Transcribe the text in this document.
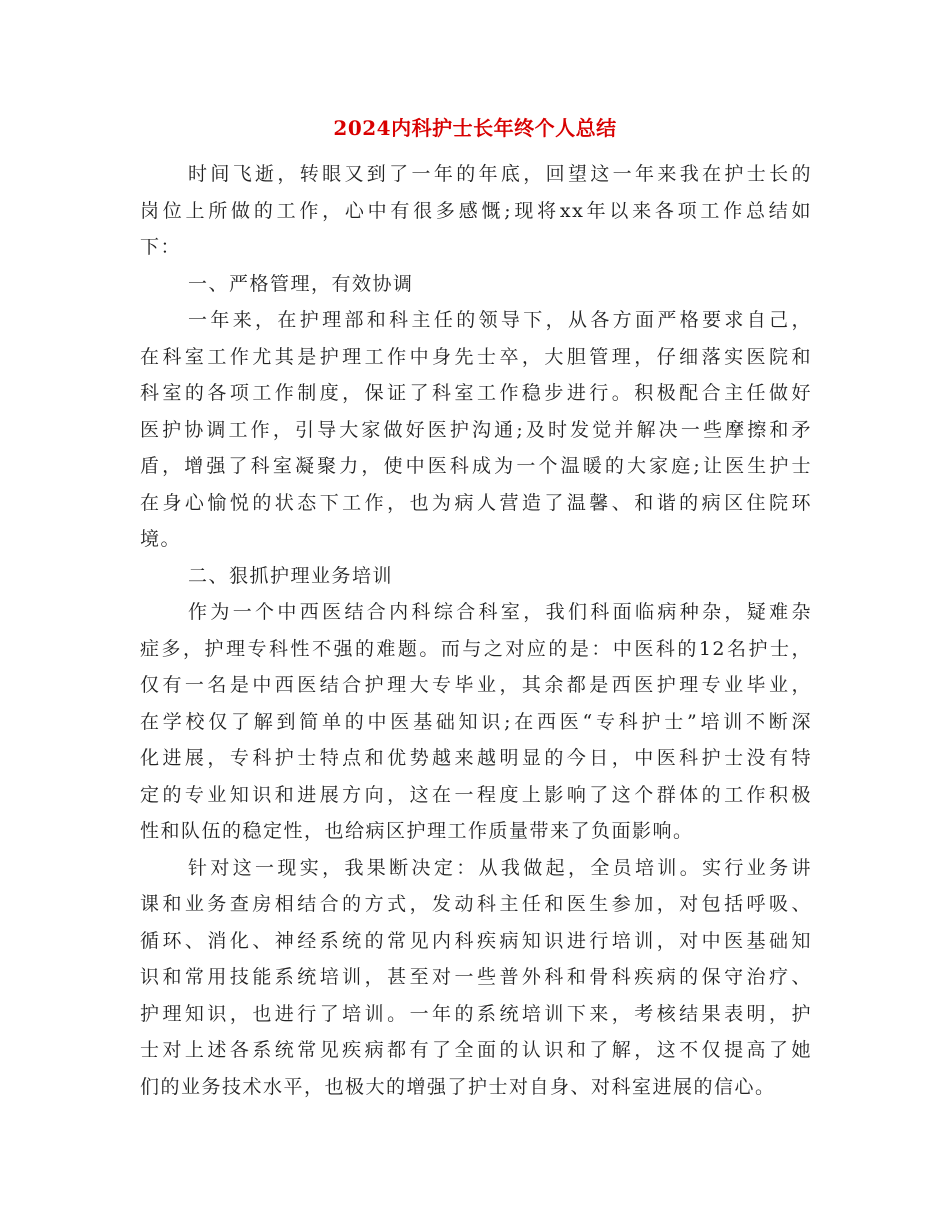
2024内科护士长年终个人总结
时间飞逝，转眼又到了一年的年底，回望这一年来我在护士长的
岗位上所做的工作，心中有很多感慨;现将xx年以来各项工作总结如
下：
一、严格管理，有效协调
一年来，在护理部和科主任的领导下，从各方面严格要求自己，
在科室工作尤其是护理工作中身先士卒，大胆管理，仔细落实医院和
科室的各项工作制度，保证了科室工作稳步进行。积极配合主任做好
医护协调工作，引导大家做好医护沟通;及时发觉并解决一些摩擦和矛
盾，增强了科室凝聚力，使中医科成为一个温暖的大家庭;让医生护士
在身心愉悦的状态下工作，也为病人营造了温馨、和谐的病区住院环
境。
二、狠抓护理业务培训
作为一个中西医结合内科综合科室，我们科面临病种杂，疑难杂
症多，护理专科性不强的难题。而与之对应的是：中医科的12名护士，
仅有一名是中西医结合护理大专毕业，其余都是西医护理专业毕业，
在学校仅了解到简单的中医基础知识;在西医“专科护士”培训不断深
化进展，专科护士特点和优势越来越明显的今日，中医科护士没有特
定的专业知识和进展方向，这在一程度上影响了这个群体的工作积极
性和队伍的稳定性，也给病区护理工作质量带来了负面影响。
针对这一现实，我果断决定：从我做起，全员培训。实行业务讲
课和业务查房相结合的方式，发动科主任和医生参加，对包括呼吸、
循环、消化、神经系统的常见内科疾病知识进行培训，对中医基础知
识和常用技能系统培训，甚至对一些普外科和骨科疾病的保守治疗、
护理知识，也进行了培训。一年的系统培训下来，考核结果表明，护
士对上述各系统常见疾病都有了全面的认识和了解，这不仅提高了她
们的业务技术水平，也极大的增强了护士对自身、对科室进展的信心。
